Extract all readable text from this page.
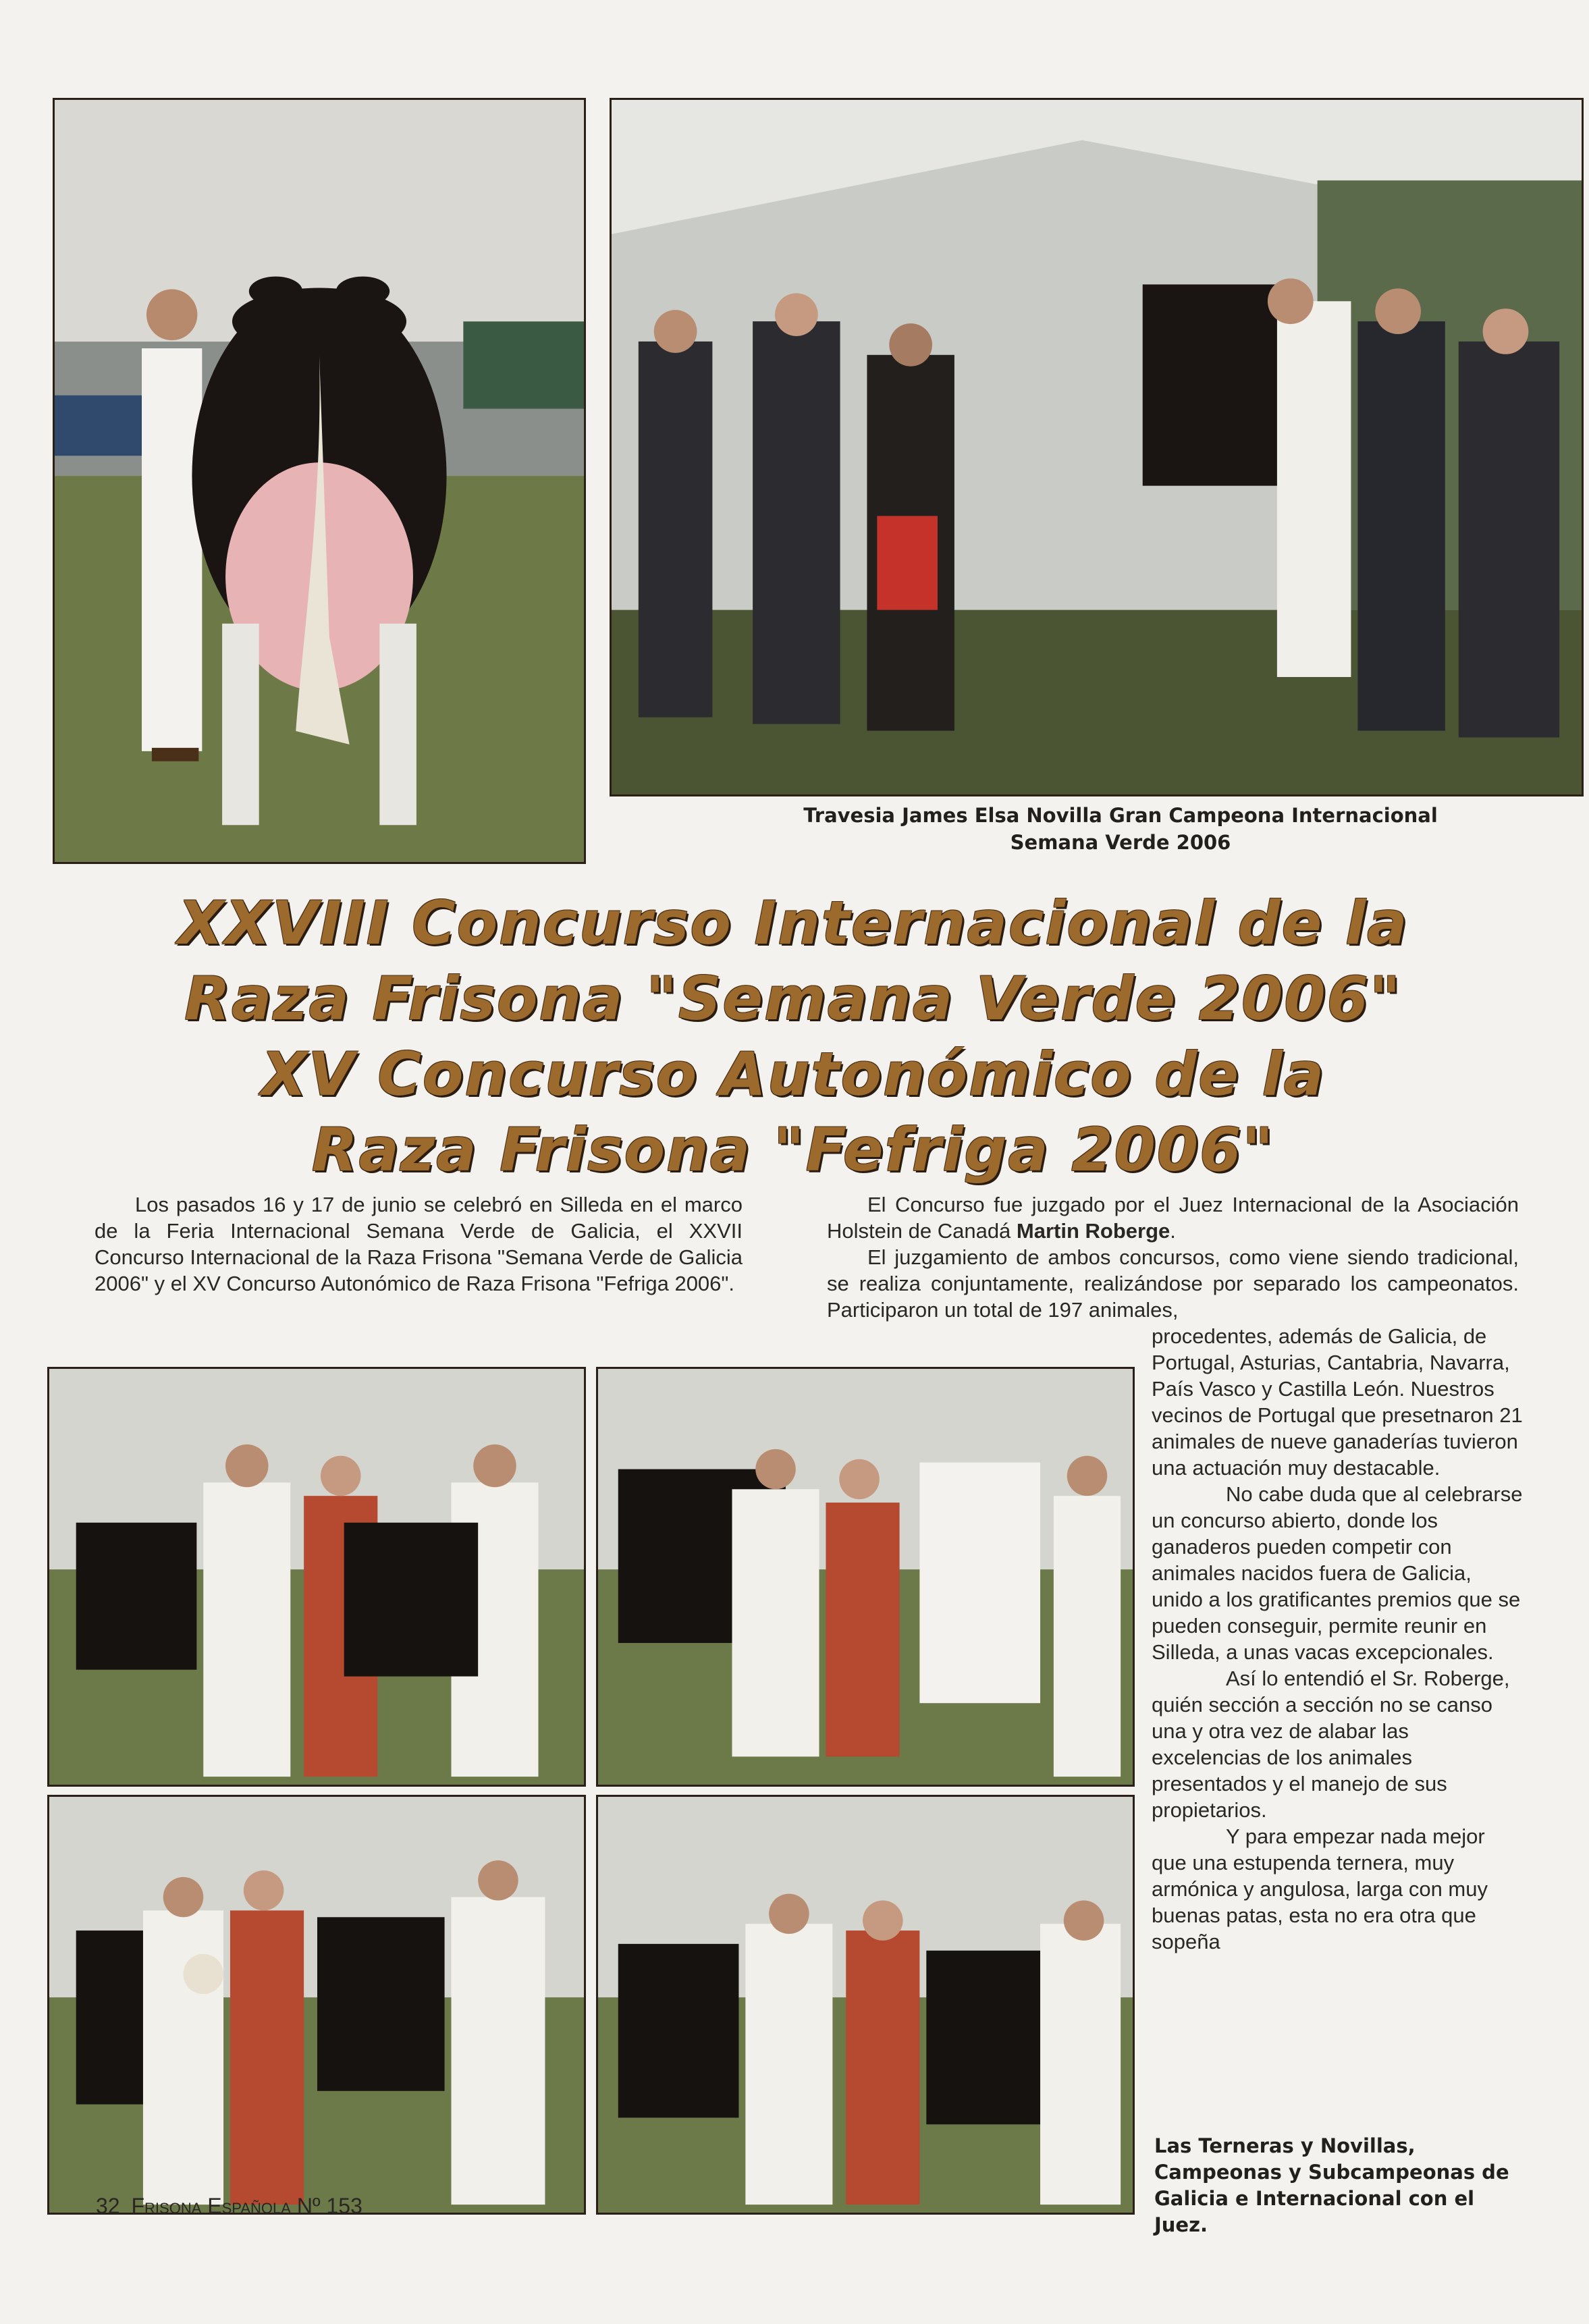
Travesia James Elsa Novilla Gran Campeona Internacional
Semana Verde 2006
XXVIII Concurso Internacional de la
Raza Frisona "Semana Verde 2006"
XV Concurso Autonómico de la
Raza Frisona "Fefriga 2006"

Los pasados 16 y 17 de junio se celebró en Silleda en el marco de la Feria Internacional Semana Verde de Galicia, el XXVII Concurso Internacional de la Raza Frisona "Semana Verde de Galicia 2006" y el XV Concurso Autonómico de Raza Frisona "Fefriga 2006".

El Concurso fue juzgado por el Juez Internacional de la Asociación Holstein de Canadá Martin Roberge.

El juzgamiento de ambos concursos, como viene siendo tradicional, se realiza conjuntamente, realizándose por separado los campeonatos. Participaron un total de 197 animales,

procedentes, además de Galicia, de Portugal, Asturias, Cantabria, Navarra, País Vasco y Castilla León. Nuestros vecinos de Portugal que presetnaron 21 animales de nueve ganaderías tuvieron una actuación muy destacable.

No cabe duda que al celebrarse un concurso abierto, donde los ganaderos pueden competir con animales nacidos fuera de Galicia, unido a los gratificantes premios que se pueden conseguir, permite reunir en Silleda, a unas vacas excepcionales.

Así lo entendió el Sr. Roberge, quién sección a sección no se canso una y otra vez de alabar las excelencias de los animales presentados y el manejo de sus propietarios.

Y para empezar nada mejor que una estupenda ternera, muy armónica y angulosa, larga con muy buenas patas, esta no era otra que sopeña

Las Terneras y Novillas, Campeonas y Subcampeonas de Galicia e Internacional con el Juez.
32 Frisona Española Nº 153
